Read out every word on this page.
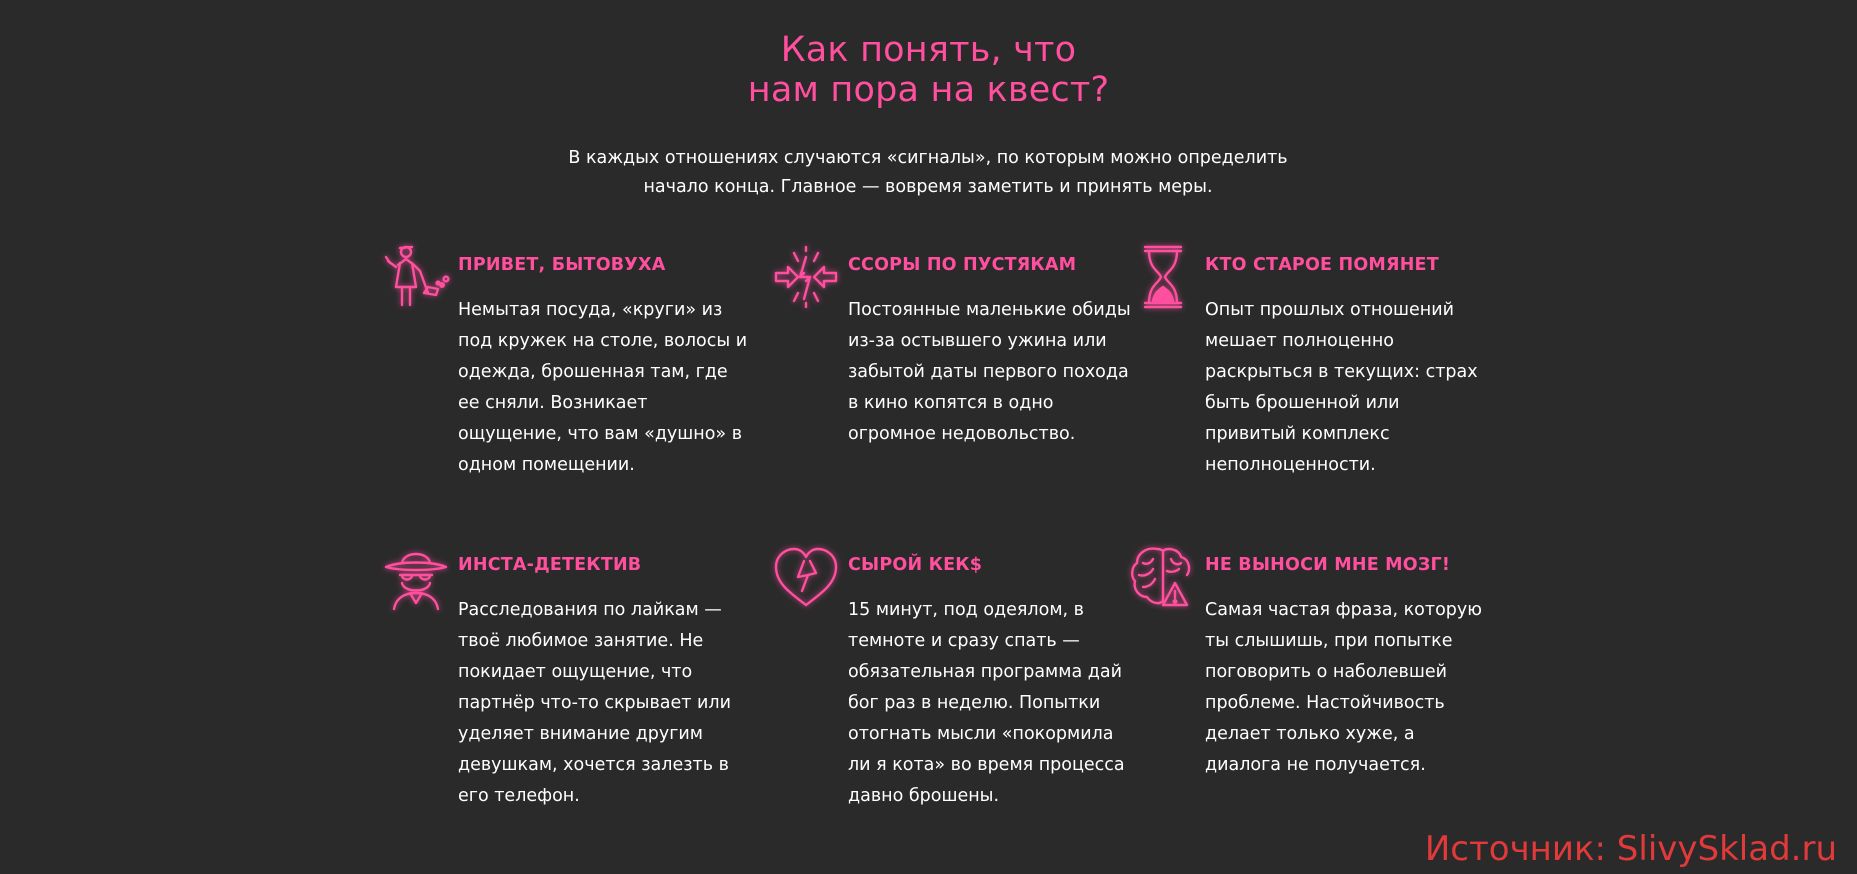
Как понять, что
нам пора на квест?
В каждых отношениях случаются «сигналы», по которым можно определить
начало конца. Главное — вовремя заметить и принять меры.
ПРИВЕТ, БЫТОВУХА
Немытая посуда, «круги» из под кружек на столе, волосы и одежда, брошенная там, где ее сняли. Возникает ощущение, что вам «душно» в одном помещении.
ССОРЫ ПО ПУСТЯКАМ
Постоянные маленькие обиды из-за остывшего ужина или забытой даты первого похода в кино копятся в одно огромное недовольство.
КТО СТАРОЕ ПОМЯНЕТ
Опыт прошлых отношений мешает полноценно раскрыться в текущих: страх быть брошенной или привитый комплекс неполноценности.
ИНСТА-ДЕТЕКТИВ
Расследования по лайкам — твоё любимое занятие. Не покидает ощущение, что партнёр что-то скрывает или уделяет внимание другим девушкам, хочется залезть в его телефон.
СЫРОЙ КЕК$
15 минут, под одеялом, в темноте и сразу спать — обязательная программа дай бог раз в неделю. Попытки отогнать мысли «покормила ли я кота» во время процесса давно брошены.
НЕ ВЫНОСИ МНЕ МОЗГ!
Самая частая фраза, которую ты слышишь, при попытке поговорить о наболевшей проблеме. Настойчивость делает только хуже, а диалога не получается.
Источник: SlivySklad.ru
